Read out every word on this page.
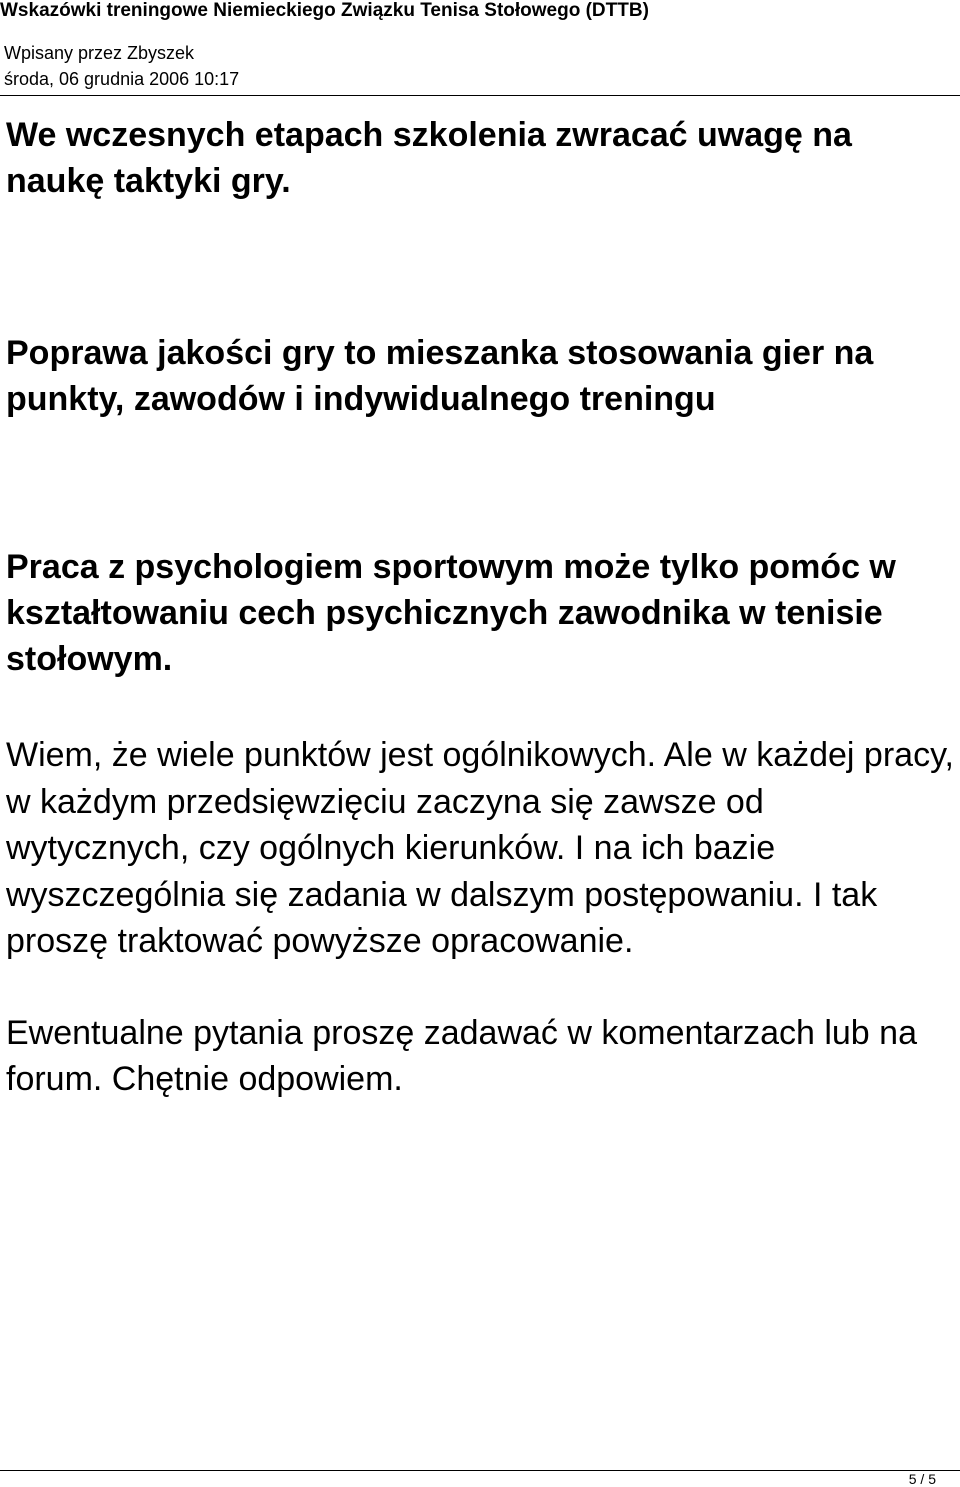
Wskazówki treningowe Niemieckiego Związku Tenisa Stołowego (DTTB)
Wpisany przez Zbyszek
środa, 06 grudnia 2006 10:17
We wczesnych etapach szkolenia zwracać uwagę na naukę taktyki gry.
Poprawa jakości gry to mieszanka stosowania gier na punkty, zawodów i indywidualnego treningu
Praca z psychologiem sportowym może tylko pomóc w kształtowaniu cech psychicznych zawodnika w tenisie stołowym.
Wiem, że wiele punktów jest ogólnikowych. Ale w każdej pracy, w każdym przedsięwzięciu zaczyna się zawsze od wytycznych, czy ogólnych kierunków. I na ich bazie wyszczególnia się zadania w dalszym postępowaniu. I tak proszę traktować powyższe opracowanie.
Ewentualne pytania proszę zadawać w komentarzach lub na forum. Chętnie odpowiem.
5 / 5
